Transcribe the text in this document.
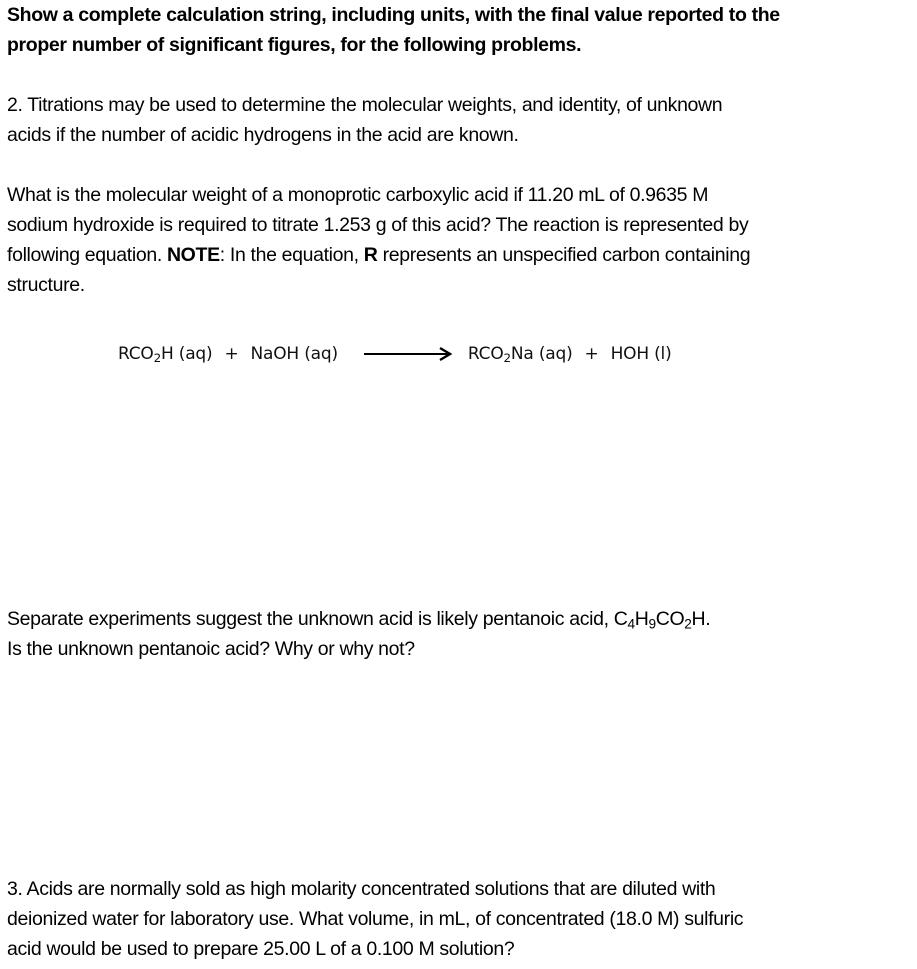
Show a complete calculation string, including units, with the final value reported to the
proper number of significant figures, for the following problems.
2. Titrations may be used to determine the molecular weights, and identity, of unknown
acids if the number of acidic hydrogens in the acid are known.
What is the molecular weight of a monoprotic carboxylic acid if 11.20 mL of 0.9635 M
sodium hydroxide is required to titrate 1.253 g of this acid? The reaction is represented by
following equation. NOTE: In the equation, R represents an unspecified carbon containing
structure.
$RCO_2H$ (aq) + NaOH (aq)	$RCO_2Na$ (aq) + HOH (l)
Separate experiments suggest the unknown acid is likely pentanoic acid, $C_4H_9CO_2H$.
Is the unknown pentanoic acid? Why or why not?
3. Acids are normally sold as high molarity concentrated solutions that are diluted with
deionized water for laboratory use. What volume, in mL, of concentrated (18.0 M) sulfuric
acid would be used to prepare 25.00 L of a 0.100 M solution?
